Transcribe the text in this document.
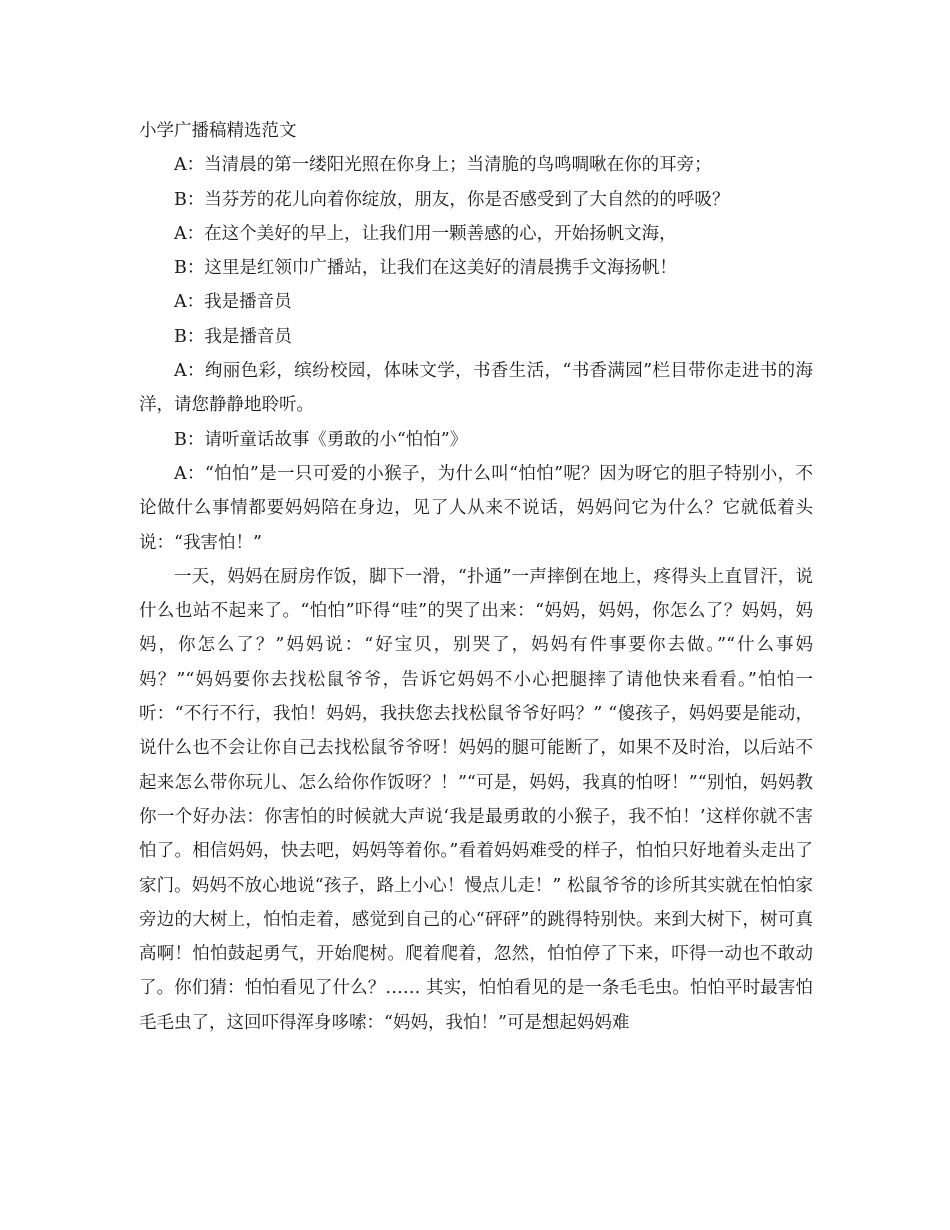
小学广播稿精选范文

A：当清晨的第一缕阳光照在你身上；当清脆的鸟鸣啁啾在你的耳旁；

B：当芬芳的花儿向着你绽放，朋友，你是否感受到了大自然的的呼吸？

A：在这个美好的早上，让我们用一颗善感的心，开始扬帆文海，

B：这里是红领巾广播站，让我们在这美好的清晨携手文海扬帆！

A：我是播音员

B：我是播音员

A：绚丽色彩，缤纷校园，体味文学，书香生活，“书香满园”栏目带你走进书的海洋，请您静静地聆听。

B：请听童话故事《勇敢的小“怕怕”》

A：“怕怕”是一只可爱的小猴子，为什么叫“怕怕”呢？因为呀它的胆子特别小，不论做什么事情都要妈妈陪在身边，见了人从来不说话，妈妈问它为什么？它就低着头说：“我害怕！”

一天，妈妈在厨房作饭，脚下一滑，“扑通”一声摔倒在地上，疼得头上直冒汗，说什么也站不起来了。“怕怕”吓得“哇”的哭了出来：“妈妈，妈妈，你怎么了？妈妈，妈妈，你怎么了？”妈妈说：“好宝贝，别哭了，妈妈有件事要你去做。”“什么事妈妈？”“妈妈要你去找松鼠爷爷，告诉它妈妈不小心把腿摔了请他快来看看。”怕怕一听：“不行不行，我怕！妈妈，我扶您去找松鼠爷爷好吗？” “傻孩子，妈妈要是能动，说什么也不会让你自己去找松鼠爷爷呀！妈妈的腿可能断了，如果不及时治，以后站不起来怎么带你玩儿、怎么给你作饭呀？！”“可是，妈妈，我真的怕呀！”“别怕，妈妈教你一个好办法：你害怕的时候就大声说‘我是最勇敢的小猴子，我不怕！’这样你就不害怕了。相信妈妈，快去吧，妈妈等着你。”看着妈妈难受的样子，怕怕只好地着头走出了家门。妈妈不放心地说“孩子，路上小心！慢点儿走！” 松鼠爷爷的诊所其实就在怕怕家旁边的大树上，怕怕走着，感觉到自己的心“砰砰”的跳得特别快。来到大树下，树可真高啊！怕怕鼓起勇气，开始爬树。爬着爬着，忽然，怕怕停了下来，吓得一动也不敢动了。你们猜：怕怕看见了什么？…… 其实，怕怕看见的是一条毛毛虫。怕怕平时最害怕毛毛虫了，这回吓得浑身哆嗦：“妈妈，我怕！”可是想起妈妈难
